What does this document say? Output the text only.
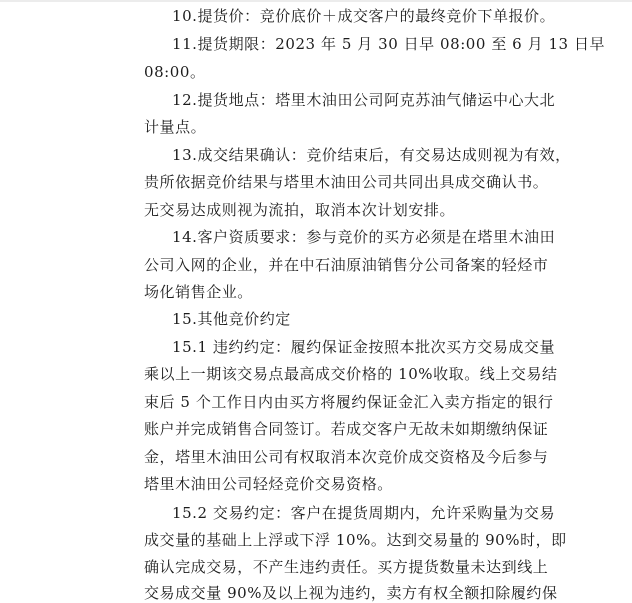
10.提货价：竞价底价＋成交客户的最终竞价下单报价。
11.提货期限：2023 年 5 月 30 日早 08:00 至 6 月 13 日早
08:00。
12.提货地点：塔里木油田公司阿克苏油气储运中心大北
计量点。
13.成交结果确认：竞价结束后，有交易达成则视为有效，
贵所依据竞价结果与塔里木油田公司共同出具成交确认书。
无交易达成则视为流拍，取消本次计划安排。
14.客户资质要求：参与竞价的买方必须是在塔里木油田
公司入网的企业，并在中石油原油销售分公司备案的轻烃市
场化销售企业。
15.其他竞价约定
15.1 违约约定：履约保证金按照本批次买方交易成交量
乘以上一期该交易点最高成交价格的 10%收取。线上交易结
束后 5 个工作日内由买方将履约保证金汇入卖方指定的银行
账户并完成销售合同签订。若成交客户无故未如期缴纳保证
金，塔里木油田公司有权取消本次竞价成交资格及今后参与
塔里木油田公司轻烃竞价交易资格。
15.2 交易约定：客户在提货周期内，允许采购量为交易
成交量的基础上上浮或下浮 10%。达到交易量的 90%时，即
确认完成交易，不产生违约责任。买方提货数量未达到线上
交易成交量 90%及以上视为违约，卖方有权全额扣除履约保
